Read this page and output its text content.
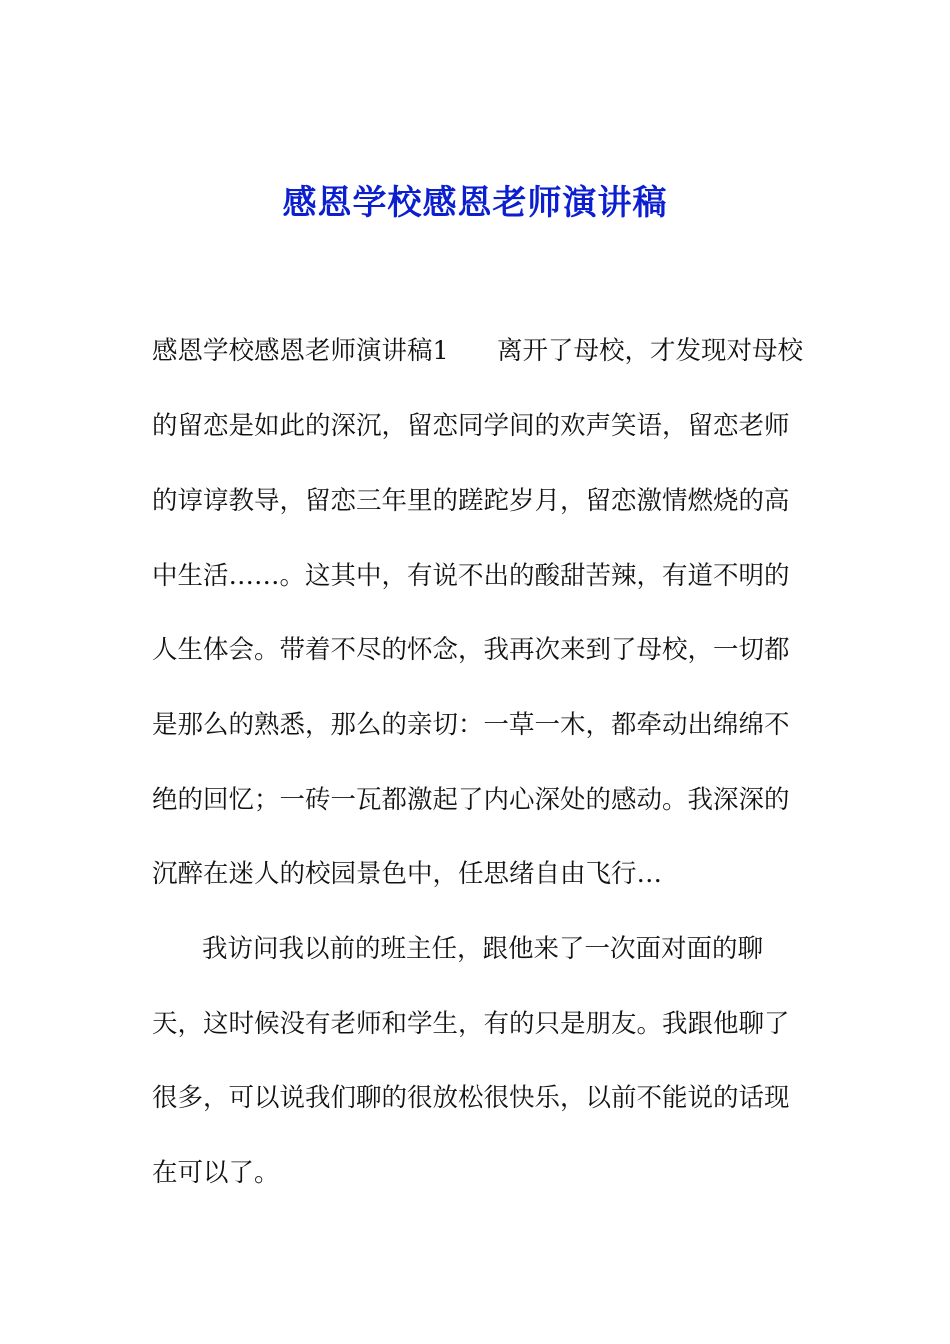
感恩学校感恩老师演讲稿
感恩学校感恩老师演讲稿1 离开了母校，才发现对母校
的留恋是如此的深沉，留恋同学间的欢声笑语，留恋老师
的谆谆教导，留恋三年里的蹉跎岁月，留恋激情燃烧的高
中生活……。这其中，有说不出的酸甜苦辣，有道不明的
人生体会。带着不尽的怀念，我再次来到了母校，一切都
是那么的熟悉，那么的亲切：一草一木，都牵动出绵绵不
绝的回忆；一砖一瓦都激起了内心深处的感动。我深深的
沉醉在迷人的校园景色中，任思绪自由飞行…
我访问我以前的班主任，跟他来了一次面对面的聊
天，这时候没有老师和学生，有的只是朋友。我跟他聊了
很多，可以说我们聊的很放松很快乐，以前不能说的话现
在可以了。
